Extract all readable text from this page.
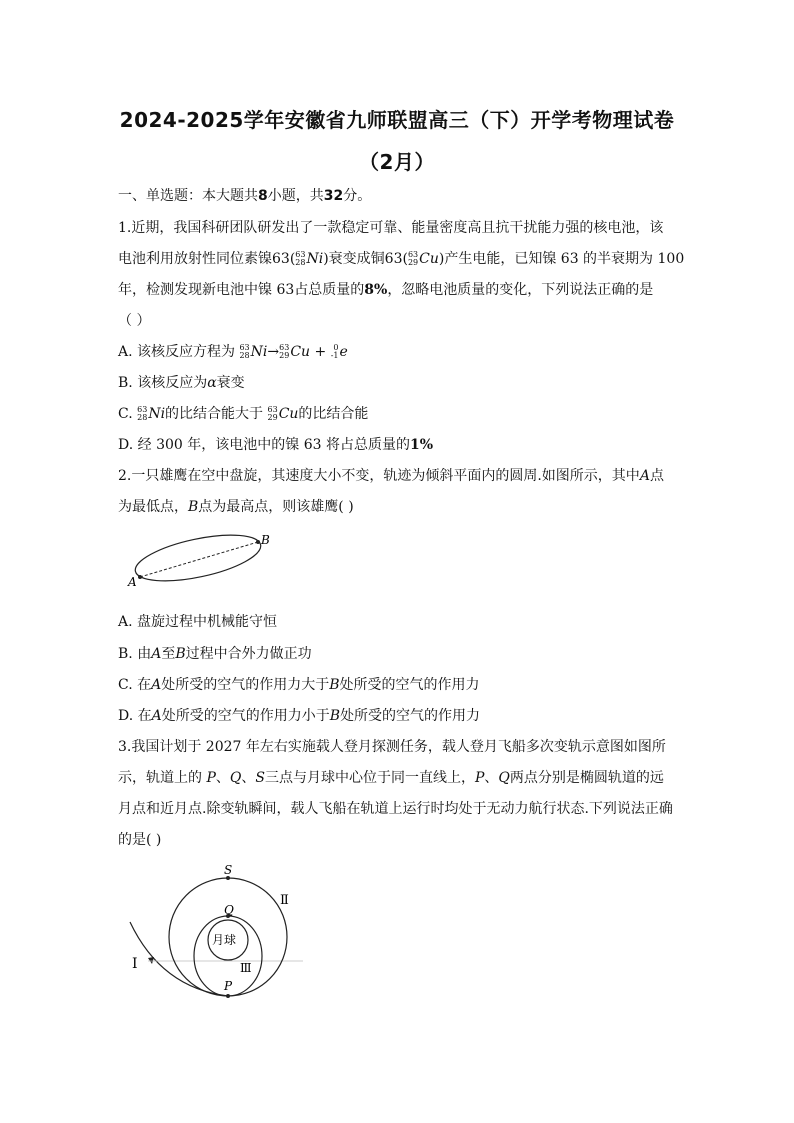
2024-2025学年安徽省九师联盟高三（下）开学考物理试卷
（2月）
一、单选题：本大题共8小题，共32分。
1.近期，我国科研团队研发出了一款稳定可靠、能量密度高且抗干扰能力强的核电池，该
电池利用放射性同位素镍63( 63
28 Ni)衰变成铜63( 63
29 Cu)产生电能，已知镍 63 的半衰期为 100
年，检测发现新电池中镍 63占总质量的8%，忽略电池质量的变化，下列说法正确的是
（ ）
A. 该核反应方程为 63
28 Ni→ 63
29 Cu + 0
-1 e
B. 该核反应为α衰变
C. 63
28 Ni的比结合能大于 63
29 Cu的比结合能
D. 经 300 年，该电池中的镍 63 将占总质量的1%
2.一只雄鹰在空中盘旋，其速度大小不变，轨迹为倾斜平面内的圆周.如图所示，其中A点
为最低点，B点为最高点，则该雄鹰( )
A
B
A. 盘旋过程中机械能守恒
B. 由A至B过程中合外力做正功
C. 在A处所受的空气的作用力大于B处所受的空气的作用力
D. 在A处所受的空气的作用力小于B处所受的空气的作用力
3.我国计划于 2027 年左右实施载人登月探测任务，载人登月飞船多次变轨示意图如图所
示，轨道上的 P、Q、S三点与月球中心位于同一直线上，P、Q两点分别是椭圆轨道的远
月点和近月点.除变轨瞬间，载人飞船在轨道上运行时均处于无动力航行状态.下列说法正确
的是( )
S
Q
月球
P
Ⅰ
Ⅱ
Ⅲ
